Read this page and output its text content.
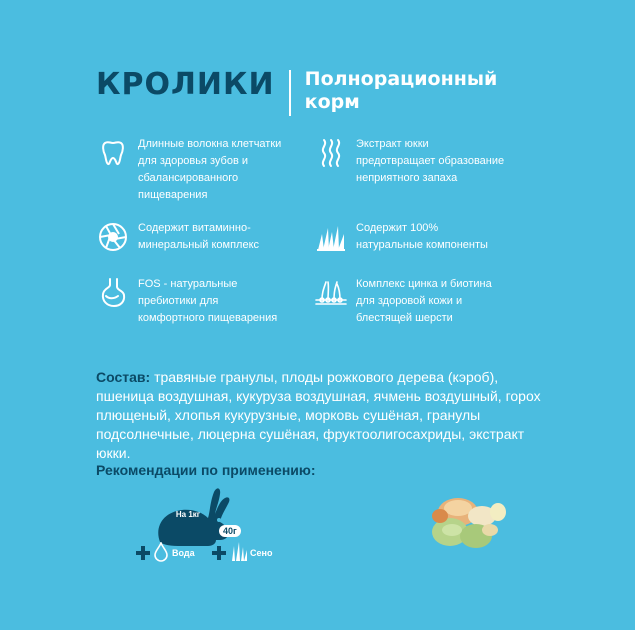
КРОЛИКИ Полнорационный
корм
Длинные волокна клетчатки для здоровья зубов и сбалансированного пищеварения
Экстракт юкки предотвращает образование неприятного запаха
Содержит витаминно-минеральный комплекс
Содержит 100% натуральные компоненты
FOS - натуральные пребиотики для комфортного пищеварения
Комплекс цинка и биотина для здоровой кожи и блестящей шерсти
Состав: травяные гранулы, плоды рожкового дерева (кэроб), пшеница воздушная, кукуруза воздушная, ячмень воздушный, горох плющеный, хлопья кукурузные, морковь сушёная, гранулы подсолнечные, люцерна сушёная, фруктоолигосахриды, экстракт юкки.
Рекомендации по применению:
На 1кг
40г
Вода	Сено
